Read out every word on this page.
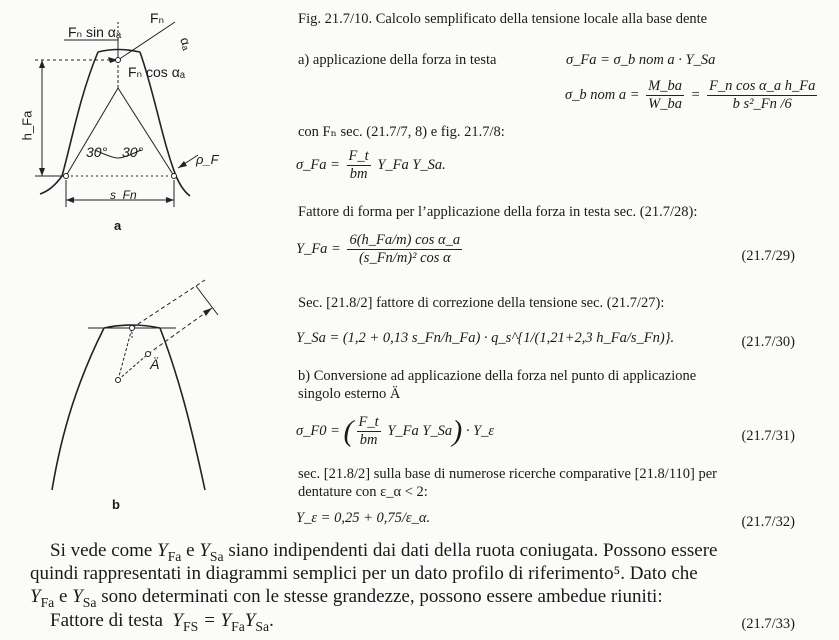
Fₙ sin αₐ
Fₙ
αₐ
Fₙ cos αₐ
h_Fa
30° 30°	ρ_F
s_Fn
a
Ä
b
Fig. 21.7/10. Calcolo semplificato della tensione locale alla base dente
a) applicazione della forza in testa	σ_Fa = σ_b nom a · Y_Sa
σ_b nom $a = \frac{M\_ba}{W\_ba} = \frac{\text{F\_n cos α\_a h\_Fa}}{\text{b s²\_Fn /6}}$
con Fₙ sec. (21.7/7, 8) e fig. 21.7/8:
σ_Fa = $\frac{F\_t}{bm}$ Y_Fa Y_Sa.
Fattore di forma per l’applicazione della forza in testa sec. (21.7/28):
Y_Fa = $\frac{\text{6(h\_Fa/m) cos α\_a}}{\text{(s\_Fn/m)² cos α}}$	(21.7/29)
Sec. [21.8/2] fattore di correzione della tensione sec. (21.7/27):
Y_Sa = (1,2 + 0,13 s_Fn/h_Fa) · q_s^{1/(1,21+2,3 h_Fa/s_Fn)}.	(21.7/30)
b) Conversione ad applicazione della forza nel punto di applicazione
singolo esterno Ä
σ_F0 = ( $\frac{F\_t}{bm}$ Y_Fa Y_Sa) · Y_ε	(21.7/31)
sec. [21.8/2] sulla base di numerose ricerche comparative [21.8/110] per
dentature con ε_α < 2:
Y_ε = 0,25 + 0,75/ε_α.	(21.7/32)
Si vede come $Y_{Fa}$ e $Y_{Sa}$ siano indipendenti dai dati della ruota coniugata. Possono essere
quindi rappresentati in diagrammi semplici per un dato profilo di riferimento⁵. Dato che
$Y_{Fa}$ e $Y_{Sa}$ sono determinati con le stesse grandezze, possono essere ambedue riuniti:
Fattore di testa $Y_{FS} = Y_{Fa}Y_{Sa}$.	(21.7/33)
